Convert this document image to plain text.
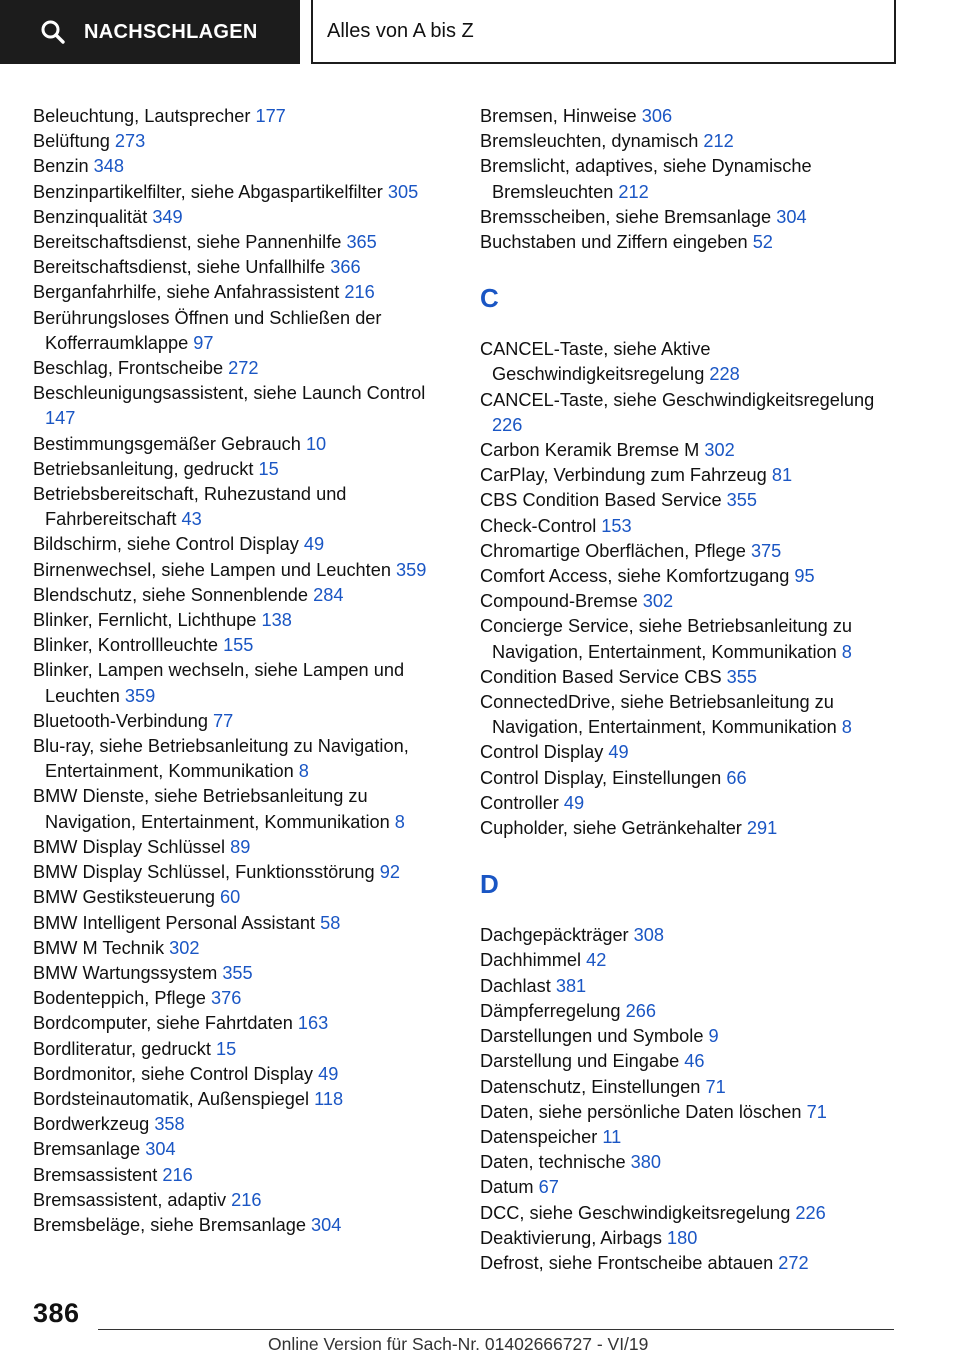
NACHSCHLAGEN	Alles von A bis Z
Beleuchtung, Lautsprecher 177
Belüftung 273
Benzin 348
Benzinpartikelfilter, siehe Abgaspartikelfilter 305
Benzinqualität 349
Bereitschaftsdienst, siehe Pannenhilfe 365
Bereitschaftsdienst, siehe Unfallhilfe 366
Berganfahrhilfe, siehe Anfahrassistent 216
Berührungsloses Öffnen und Schließen der Kofferraumklappe 97
Beschlag, Frontscheibe 272
Beschleunigungsassistent, siehe Launch Control 147
Bestimmungsgemäßer Gebrauch 10
Betriebsanleitung, gedruckt 15
Betriebsbereitschaft, Ruhezustand und Fahrbereitschaft 43
Bildschirm, siehe Control Display 49
Birnenwechsel, siehe Lampen und Leuchten 359
Blendschutz, siehe Sonnenblende 284
Blinker, Fernlicht, Lichthupe 138
Blinker, Kontrollleuchte 155
Blinker, Lampen wechseln, siehe Lampen und Leuchten 359
Bluetooth-Verbindung 77
Blu-ray, siehe Betriebsanleitung zu Navigation, Entertainment, Kommunikation 8
BMW Dienste, siehe Betriebsanleitung zu Navigation, Entertainment, Kommunikation 8
BMW Display Schlüssel 89
BMW Display Schlüssel, Funktionsstörung 92
BMW Gestiksteuerung 60
BMW Intelligent Personal Assistant 58
BMW M Technik 302
BMW Wartungssystem 355
Bodenteppich, Pflege 376
Bordcomputer, siehe Fahrtdaten 163
Bordliteratur, gedruckt 15
Bordmonitor, siehe Control Display 49
Bordsteinautomatik, Außenspiegel 118
Bordwerkzeug 358
Bremsanlage 304
Bremsassistent 216
Bremsassistent, adaptiv 216
Bremsbeläge, siehe Bremsanlage 304
Bremsen, Hinweise 306
Bremsleuchten, dynamisch 212
Bremslicht, adaptives, siehe Dynamische Bremsleuchten 212
Bremsscheiben, siehe Bremsanlage 304
Buchstaben und Ziffern eingeben 52
C
CANCEL-Taste, siehe Aktive Geschwindigkeitsregelung 228
CANCEL-Taste, siehe Geschwindigkeitsregelung 226
Carbon Keramik Bremse M 302
CarPlay, Verbindung zum Fahrzeug 81
CBS Condition Based Service 355
Check-Control 153
Chromartige Oberflächen, Pflege 375
Comfort Access, siehe Komfortzugang 95
Compound-Bremse 302
Concierge Service, siehe Betriebsanleitung zu Navigation, Entertainment, Kommunikation 8
Condition Based Service CBS 355
ConnectedDrive, siehe Betriebsanleitung zu Navigation, Entertainment, Kommunikation 8
Control Display 49
Control Display, Einstellungen 66
Controller 49
Cupholder, siehe Getränkehalter 291
D
Dachgepäckträger 308
Dachhimmel 42
Dachlast 381
Dämpferregelung 266
Darstellungen und Symbole 9
Darstellung und Eingabe 46
Datenschutz, Einstellungen 71
Daten, siehe persönliche Daten löschen 71
Datenspeicher 11
Daten, technische 380
Datum 67
DCC, siehe Geschwindigkeitsregelung 226
Deaktivierung, Airbags 180
Defrost, siehe Frontscheibe abtauen 272
386
Online Version für Sach-Nr. 01402666727 - VI/19
